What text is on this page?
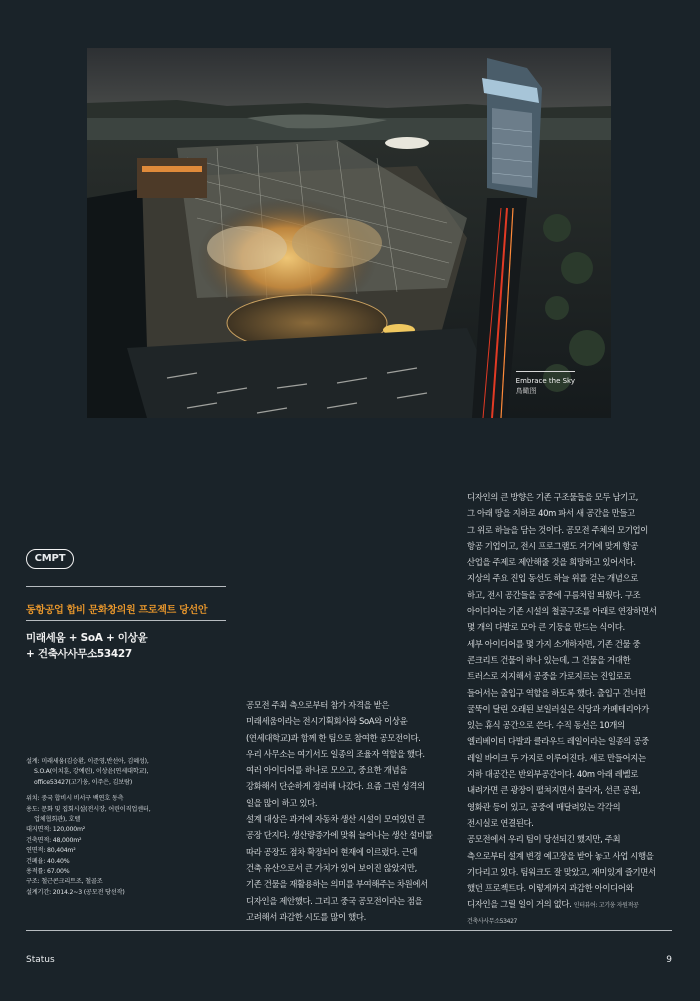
Embrace the Sky
鳥瞰图
CMPT
동항공업 합비 문화창의원 프로젝트 당선안
미래세움 + SoA + 이상윤
+ 건축사사무소53427

설계: 미래세움(김승환, 이준영,반선아, 김혜성),

S.O.A(이치훈, 강예린), 이상윤(연세대학교),

office53427(고기웅, 이주은, 김보람)

위치: 중국 합비시 비서구 백연호 동측

용도: 문화 및 집회시설(전시장, 어린이직업센터,

업체협회관), 호텔

대지면적: 120,000m²

건축면적: 48,000m²

연면적: 80,404m²

건폐율: 40.40%

용적률: 67.00%

구조: 철근콘크리트조, 철골조

설계기간: 2014.2~3 (공모전 당선작)

공모전 주최 측으로부터 참가 자격을 받은

미래세움이라는 전시기획회사와 SoA와 이상윤

(연세대학교)과 함께 한 팀으로 참여한 공모전이다.

우리 사무소는 여기서도 일종의 조율자 역할을 했다.

여러 아이디어를 하나로 모으고, 중요한 개념을

강화해서 단순하게 정리해 나갔다. 요즘 그런 성격의

일을 많이 하고 있다.

설계 대상은 과거에 자동차 생산 시설이 모여있던 큰

공장 단지다. 생산량증가에 맞춰 늘어나는 생산 설비를

따라 공장도 점차 확장되어 현재에 이르렀다. 근대

건축 유산으로서 큰 가치가 있어 보이진 않았지만,

기존 건물을 재활용하는 의미를 부여해주는 차원에서

디자인을 제안했다. 그리고 중국 공모전이라는 점을

고려해서 과감한 시도를 많이 했다.

디자인의 큰 방향은 기존 구조물들을 모두 남기고,

그 아래 땅을 지하로 40m 파서 새 공간을 만들고

그 위로 하늘을 담는 것이다. 공모전 주체의 모기업이

항공 기업이고, 전시 프로그램도 거기에 맞게 항공

산업을 주제로 제안해줄 것을 희망하고 있어서다.

지상의 주요 진입 동선도 하늘 위를 걷는 개념으로

하고, 전시 공간들을 공중에 구름처럼 띄웠다. 구조

아이디어는 기존 시설의 철골구조를 아래로 연장하면서

몇 개의 다발로 모아 큰 기둥을 만드는 식이다.

세부 아이디어를 몇 가지 소개하자면, 기존 건물 중

콘크리트 건물이 하나 있는데, 그 건물을 거대한

트러스로 지지해서 공중을 가로지르는 진입로로

들어서는 출입구 역할을 하도록 했다. 출입구 건너편

굴뚝이 달린 오래된 보일러실은 식당과 카페테리아가

있는 휴식 공간으로 쓴다. 수직 동선은 10개의

엘리베이터 다발과 클라우드 레일이라는 일종의 공중

레일 바이크 두 가지로 이루어진다. 새로 만들어지는

지하 대공간은 반외부공간이다. 40m 아래 레벨로

내려가면 큰 광장이 펼쳐지면서 물라자, 선큰 공원,

영화관 등이 있고, 공중에 매달려있는 각각의

전시실로 연결된다.

공모전에서 우리 팀이 당선되긴 했지만, 주최

측으로부터 설계 변경 예고장을 받아 놓고 사업 시행을

기다리고 있다. 팀워크도 잘 맞았고, 재미있게 즐기면서

했던 프로젝트다. 이렇게까지 과감한 아이디어와

디자인을 그릴 일이 거의 없다. 인터뷰어: 고기웅 자원적공

건축사사무소53427
Status	9
